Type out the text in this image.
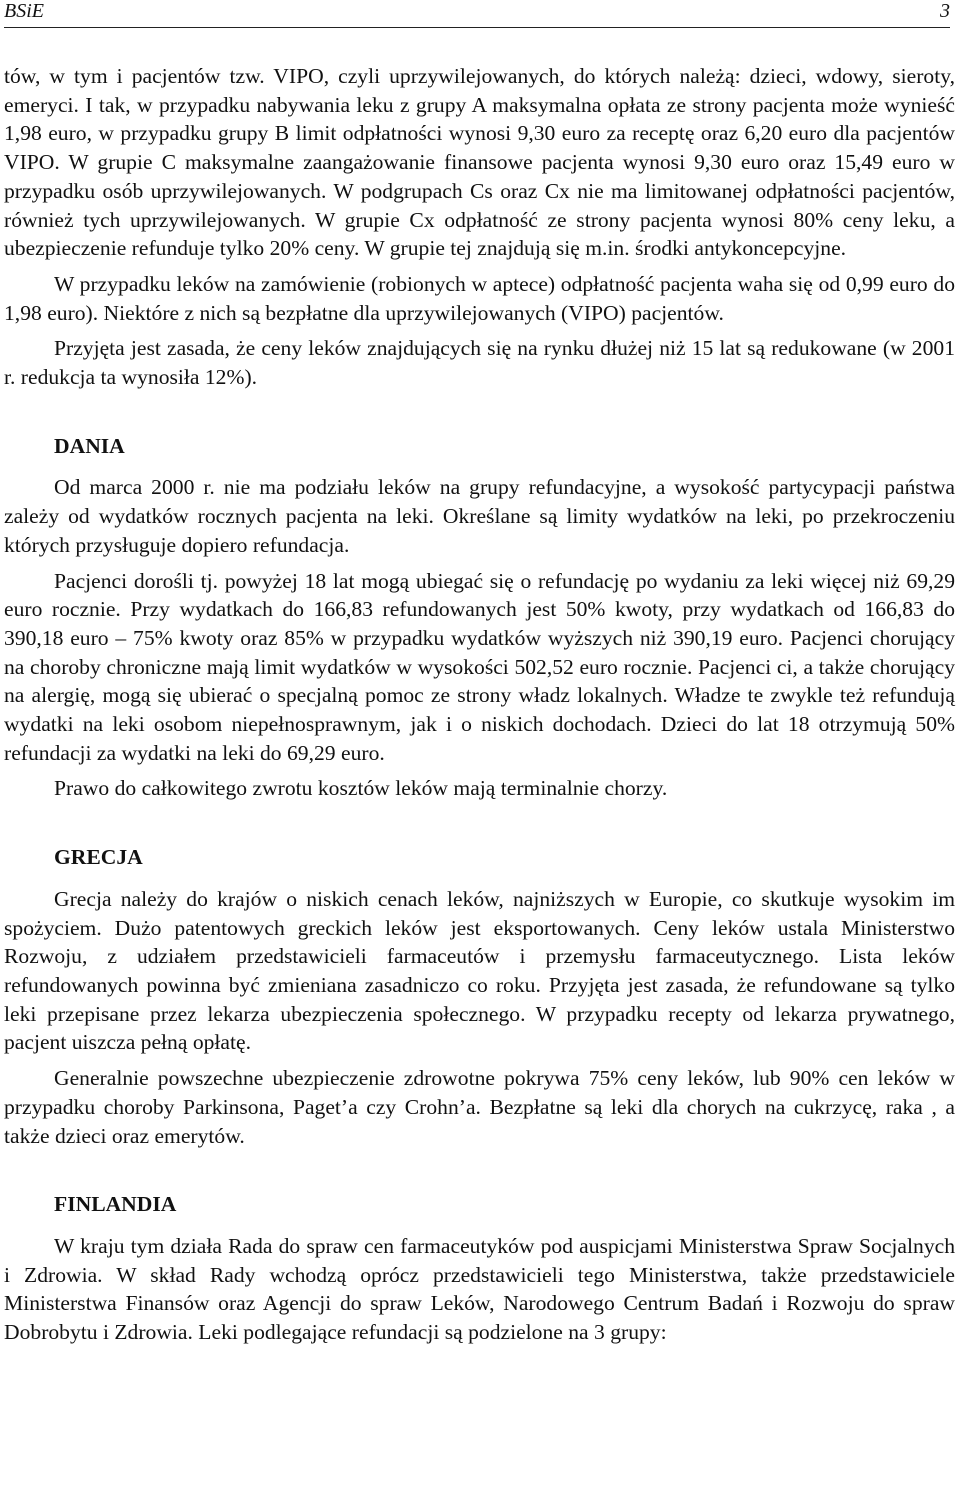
BSiE	3

tów, w tym i pacjentów tzw. VIPO, czyli uprzywilejowanych, do których należą: dzieci, wdowy, sieroty, emeryci. I tak, w przypadku nabywania leku z grupy A maksymalna opłata ze strony pacjenta może wynieść 1,98 euro, w przypadku grupy B limit odpłatności wynosi 9,30 euro za receptę oraz 6,20 euro dla pacjentów VIPO. W grupie C maksymalne zaangażowanie finansowe pacjenta wynosi 9,30 euro oraz 15,49 euro w przypadku osób uprzywilejowanych. W podgrupach Cs oraz Cx nie ma limitowanej odpłatności pacjentów, również tych uprzywilejowanych. W grupie Cx odpłatność ze strony pacjenta wynosi 80% ceny leku, a ubezpieczenie refunduje tylko 20% ceny. W grupie tej znajdują się m.in. środki antykoncepcyjne.

W przypadku leków na zamówienie (robionych w aptece) odpłatność pacjenta waha się od 0,99 euro do 1,98 euro). Niektóre z nich są bezpłatne dla uprzywilejowanych (VIPO) pacjentów.

Przyjęta jest zasada, że ceny leków znajdujących się na rynku dłużej niż 15 lat są redukowane (w 2001 r. redukcja ta wynosiła 12%).

DANIA

Od marca 2000 r. nie ma podziału leków na grupy refundacyjne, a wysokość partycypacji państwa zależy od wydatków rocznych pacjenta na leki. Określane są limity wydatków na leki, po przekroczeniu których przysługuje dopiero refundacja.

Pacjenci dorośli tj. powyżej 18 lat mogą ubiegać się o refundację po wydaniu za leki więcej niż 69,29 euro rocznie. Przy wydatkach do 166,83 refundowanych jest 50% kwoty, przy wydatkach od 166,83 do 390,18 euro – 75% kwoty oraz 85% w przypadku wydatków wyższych niż 390,19 euro. Pacjenci chorujący na choroby chroniczne mają limit wydatków w wysokości 502,52 euro rocznie. Pacjenci ci, a także chorujący na alergię, mogą się ubierać o specjalną pomoc ze strony władz lokalnych. Władze te zwykle też refundują wydatki na leki osobom niepełnosprawnym, jak i o niskich dochodach. Dzieci do lat 18 otrzymują 50% refundacji za wydatki na leki do 69,29 euro.

Prawo do całkowitego zwrotu kosztów leków mają terminalnie chorzy.

GRECJA

Grecja należy do krajów o niskich cenach leków, najniższych w Europie, co skutkuje wysokim im spożyciem. Dużo patentowych greckich leków jest eksportowanych. Ceny leków ustala Ministerstwo Rozwoju, z udziałem przedstawicieli farmaceutów i przemysłu farmaceutycznego. Lista leków refundowanych powinna być zmieniana zasadniczo co roku. Przyjęta jest zasada, że refundowane są tylko leki przepisane przez lekarza ubezpieczenia społecznego. W przypadku recepty od lekarza prywatnego, pacjent uiszcza pełną opłatę.

Generalnie powszechne ubezpieczenie zdrowotne pokrywa 75% ceny leków, lub 90% cen leków w przypadku choroby Parkinsona, Paget’a czy Crohn’a. Bezpłatne są leki dla chorych na cukrzycę, raka , a także dzieci oraz emerytów.

FINLANDIA

W kraju tym działa Rada do spraw cen farmaceutyków pod auspicjami Ministerstwa Spraw Socjalnych i Zdrowia. W skład Rady wchodzą oprócz przedstawicieli tego Ministerstwa, także przedstawiciele Ministerstwa Finansów oraz Agencji do spraw Leków, Narodowego Centrum Badań i Rozwoju do spraw Dobrobytu i Zdrowia. Leki podlegające refundacji są podzielone na 3 grupy:
